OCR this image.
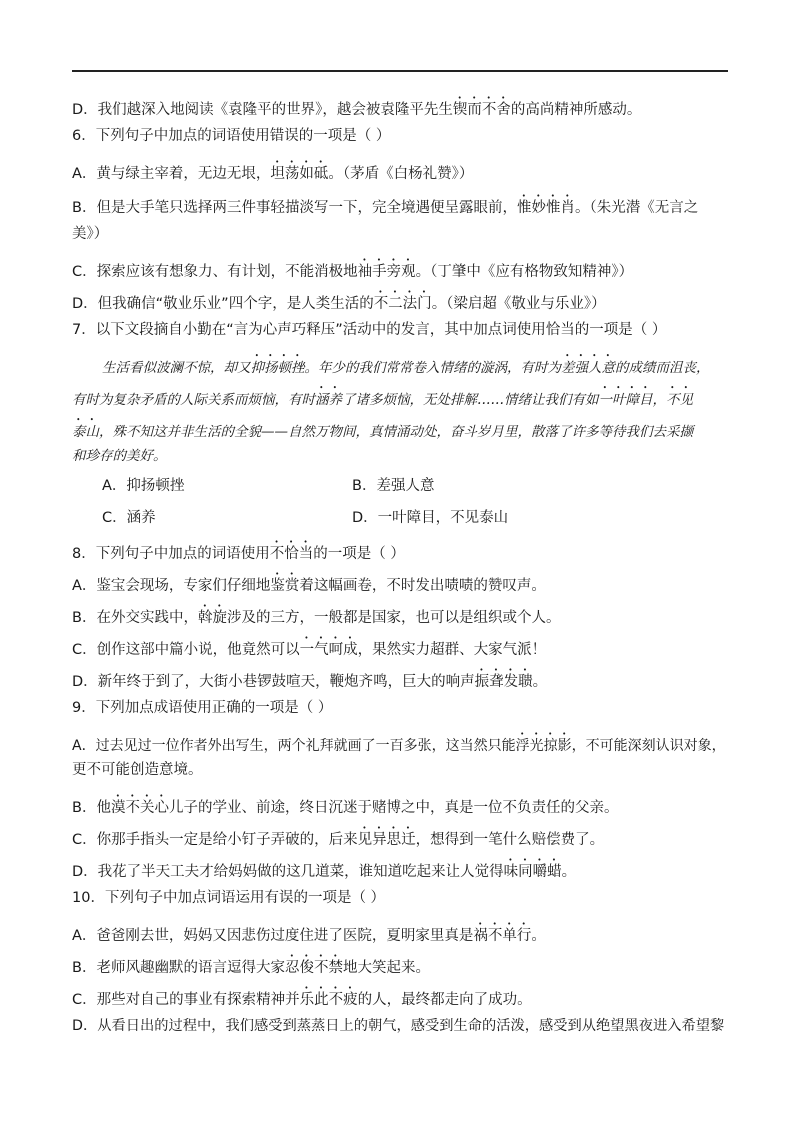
D．我们越深入地阅读《袁隆平的世界》，越会被袁隆平先生锲而不舍的高尚精神所感动。
6．下列句子中加点的词语使用错误的一项是（ ）
A．黄与绿主宰着，无边无垠，坦荡如砥。（茅盾《白杨礼赞》）
B．但是大手笔只选择两三件事轻描淡写一下，完全境遇便呈露眼前，惟妙惟肖。（朱光潜《无言之
美》）
C．探索应该有想象力、有计划，不能消极地袖手旁观。（丁肇中《应有格物致知精神》）
D．但我确信“敬业乐业”四个字，是人类生活的不二法门。（梁启超《敬业与乐业》）
7．以下文段摘自小勤在“言为心声巧释压”活动中的发言，其中加点词使用恰当的一项是（ ）
生活看似波澜不惊，却又抑扬顿挫。年少的我们常常卷入情绪的漩涡，有时为差强人意的成绩而沮丧，
有时为复杂矛盾的人际关系而烦恼，有时涵养了诸多烦恼，无处排解……情绪让我们有如一叶障目，不见
泰山，殊不知这并非生活的全貌——自然万物间，真情涌动处，奋斗岁月里，散落了许多等待我们去采撷
和珍存的美好。
A．抑扬顿挫	B．差强人意
C．涵养	D．一叶障目，不见泰山
8．下列句子中加点的词语使用不恰当的一项是（ ）
A．鉴宝会现场，专家们仔细地鉴赏着这幅画卷，不时发出啧啧的赞叹声。
B．在外交实践中，斡旋涉及的三方，一般都是国家，也可以是组织或个人。
C．创作这部中篇小说，他竟然可以一气呵成，果然实力超群、大家气派！
D．新年终于到了，大街小巷锣鼓喧天，鞭炮齐鸣，巨大的响声振聋发聩。
9．下列加点成语使用正确的一项是（ ）
A．过去见过一位作者外出写生，两个礼拜就画了一百多张，这当然只能浮光掠影，不可能深刻认识对象，
更不可能创造意境。
B．他漠不关心儿子的学业、前途，终日沉迷于赌博之中，真是一位不负责任的父亲。
C．你那手指头一定是给小钉子弄破的，后来见异思迁，想得到一笔什么赔偿费了。
D．我花了半天工夫才给妈妈做的这几道菜，谁知道吃起来让人觉得味同嚼蜡。
10．下列句子中加点词语运用有误的一项是（ ）
A．爸爸刚去世，妈妈又因悲伤过度住进了医院，夏明家里真是祸不单行。
B．老师风趣幽默的语言逗得大家忍俊不禁地大笑起来。
C．那些对自己的事业有探索精神并乐此不疲的人，最终都走向了成功。
D．从看日出的过程中，我们感受到蒸蒸日上的朝气，感受到生命的活泼，感受到从绝望黑夜进入希望黎
